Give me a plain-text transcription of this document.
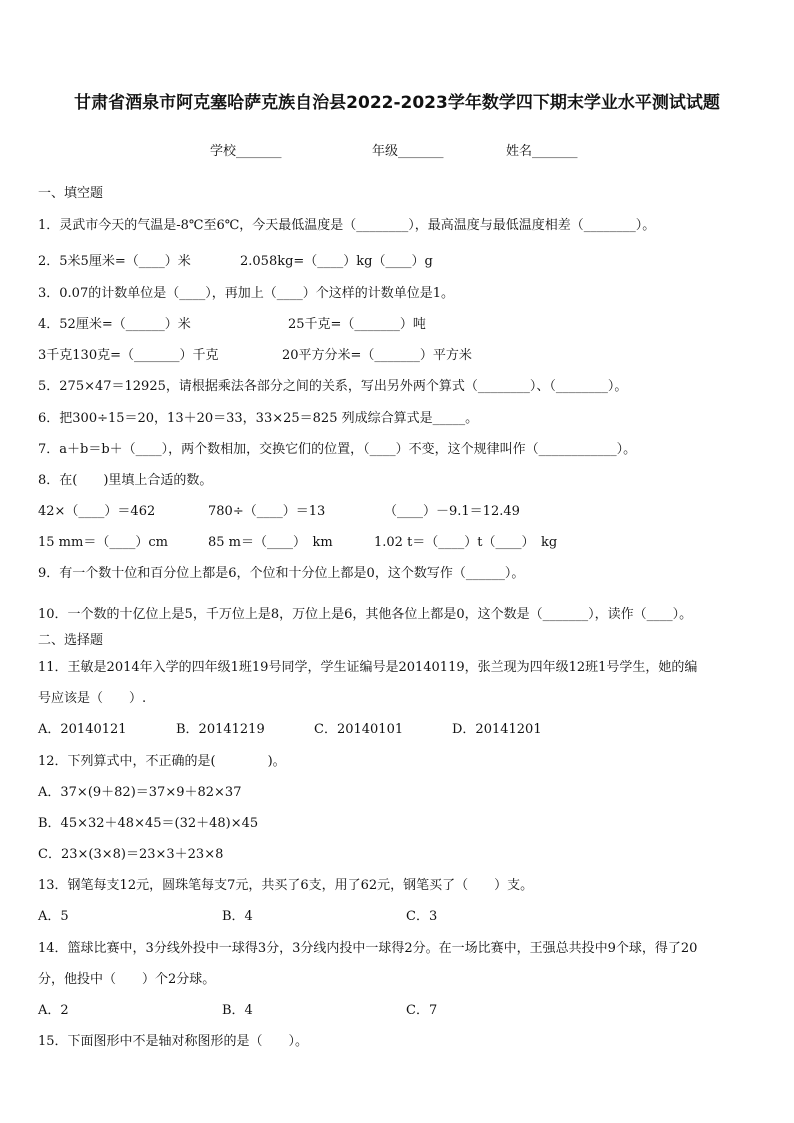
甘肃省酒泉市阿克塞哈萨克族自治县2022-2023学年数学四下期末学业水平测试试题
学校_______	年级_______	姓名_______
一、填空题
1．灵武市今天的气温是-8℃至6℃，今天最低温度是（________），最高温度与最低温度相差（________）。
2．5米5厘米=（____）米	2.058kg=（____）kg（____）g
3．0.07的计数单位是（____），再加上（____）个这样的计数单位是1。
4．52厘米=（______）米	25千克=（_______）吨
3千克130克=（_______）千克	20平方分米=（_______）平方米
5．275×47＝12925，请根据乘法各部分之间的关系，写出另外两个算式（________）、（________）。
6．把300÷15＝20，13＋20＝33，33×25＝825 列成综合算式是_____。
7．a＋b＝b＋（____），两个数相加，交换它们的位置，（____）不变，这个规律叫作（____________）。
8．在(　　)里填上合适的数。
42×（____）＝462	780÷（____）＝13	（____）－9.1＝12.49
15 mm＝（____）cm	85 m＝（____）　km	1.02 t＝（____）t（____）　kg
9．有一个数十位和百分位上都是6，个位和十分位上都是0，这个数写作（______）。
10．一个数的十亿位上是5，千万位上是8，万位上是6，其他各位上都是0，这个数是（_______），读作（____）。
二、选择题
11．王敏是2014年入学的四年级1班19号同学，学生证编号是20140119，张兰现为四年级12班1号学生，她的编
号应该是（　　）.
A．20140121	B．20141219	C．20140101	D．20141201
12．下列算式中，不正确的是(　　　　)。
A．37×(9＋82)＝37×9＋82×37
B．45×32＋48×45＝(32＋48)×45
C．23×(3×8)＝23×3＋23×8
13．钢笔每支12元，圆珠笔每支7元，共买了6支，用了62元，钢笔买了（　　）支。
A．5	B．4	C．3
14．篮球比赛中，3分线外投中一球得3分，3分线内投中一球得2分。在一场比赛中，王强总共投中9个球，得了20
分，他投中（　　）个2分球。
A．2	B．4	C．7
15．下面图形中不是轴对称图形的是（　　）。
